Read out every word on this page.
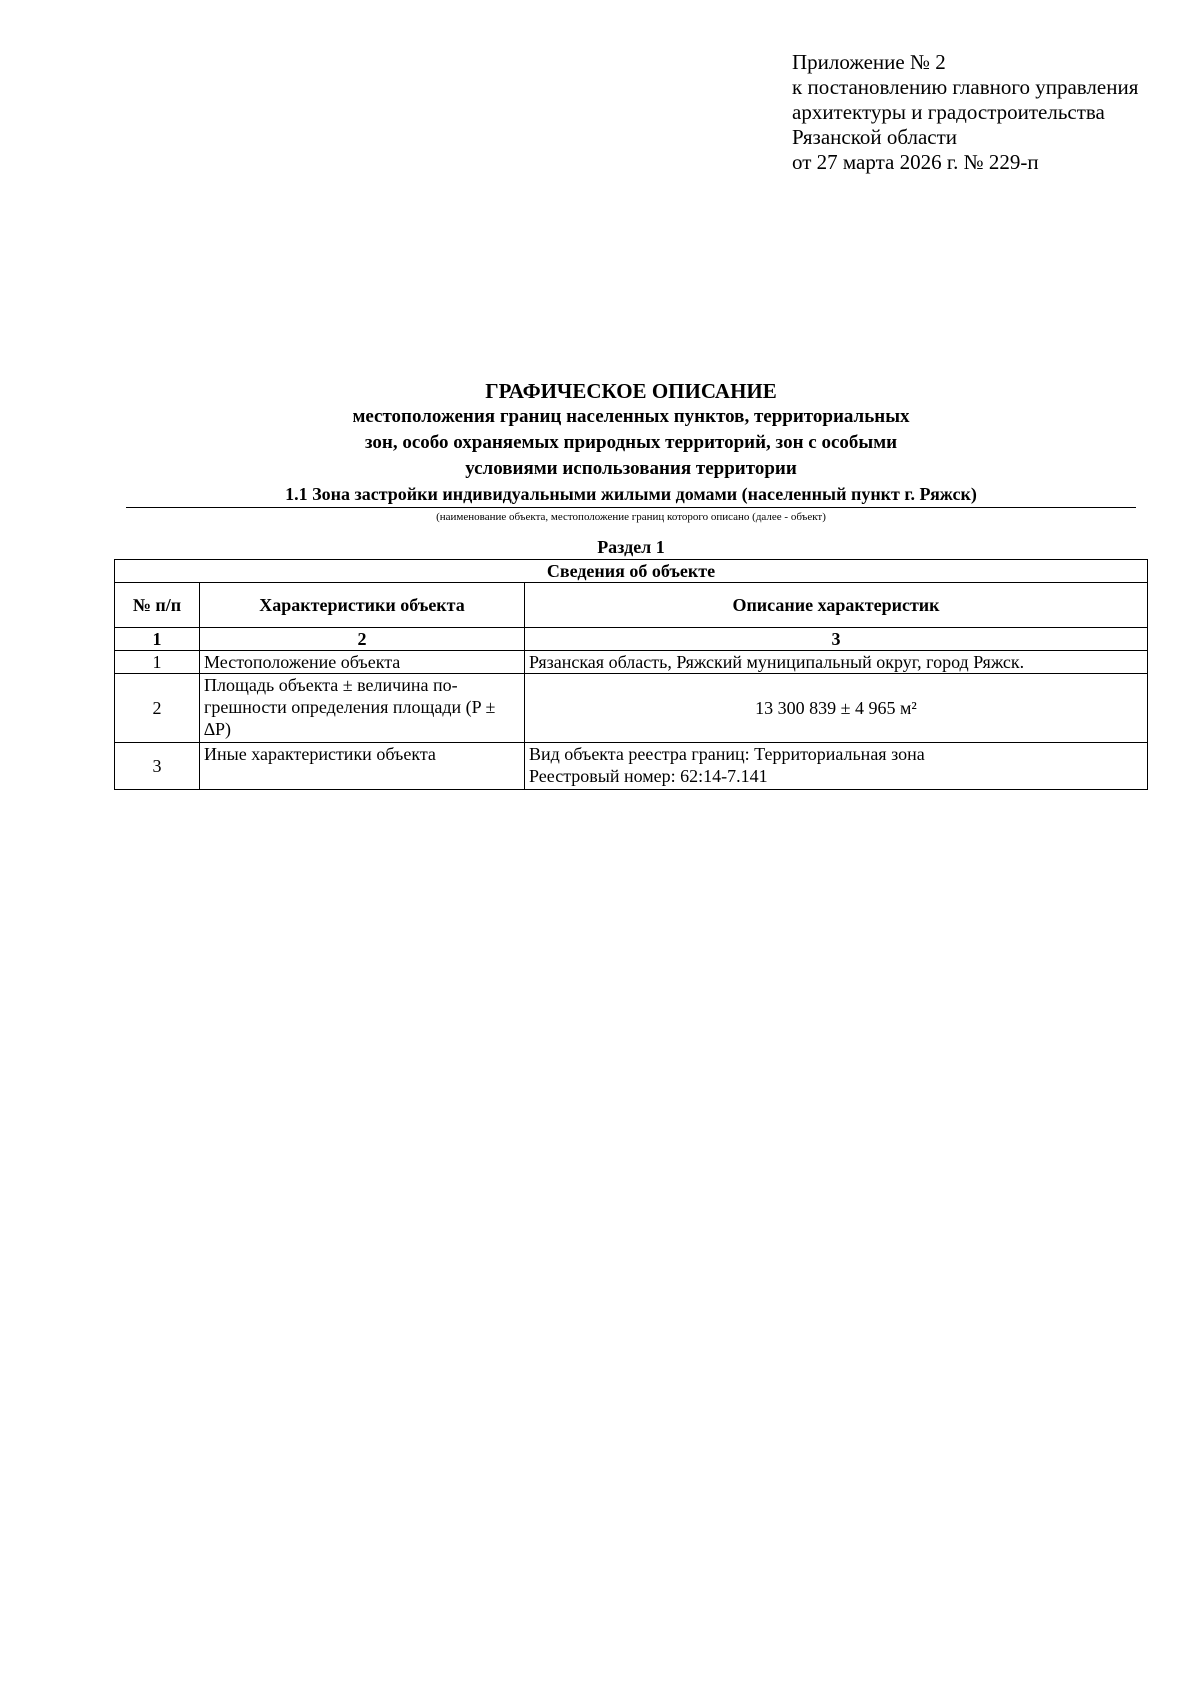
Приложение № 2
к постановлению главного управления
архитектуры и градостроительства
Рязанской области
от 27 марта 2026 г. № 229-п
ГРАФИЧЕСКОЕ ОПИСАНИЕ
местоположения границ населенных пунктов, территориальных
зон, особо охраняемых природных территорий, зон с особыми
условиями использования территории
1.1 Зона застройки индивидуальными жилыми домами (населенный пункт г. Ряжск)
(наименование объекта, местоположение границ которого описано (далее - объект)
Раздел 1
Сведения об объекте		
№ п/п	Характеристики объекта	Описание характеристик
1	2	3
1	Местоположение объекта	Рязанская область, Ряжский муниципальный округ, город Ряжск.
2	Площадь объекта ± величина по-грешности определения площади (P ± ∆P)	13 300 839 ± 4 965 м²
3	Иные характеристики объекта	Вид объекта реестра границ: Территориальная зона
Реестровый номер: 62:14-7.141
